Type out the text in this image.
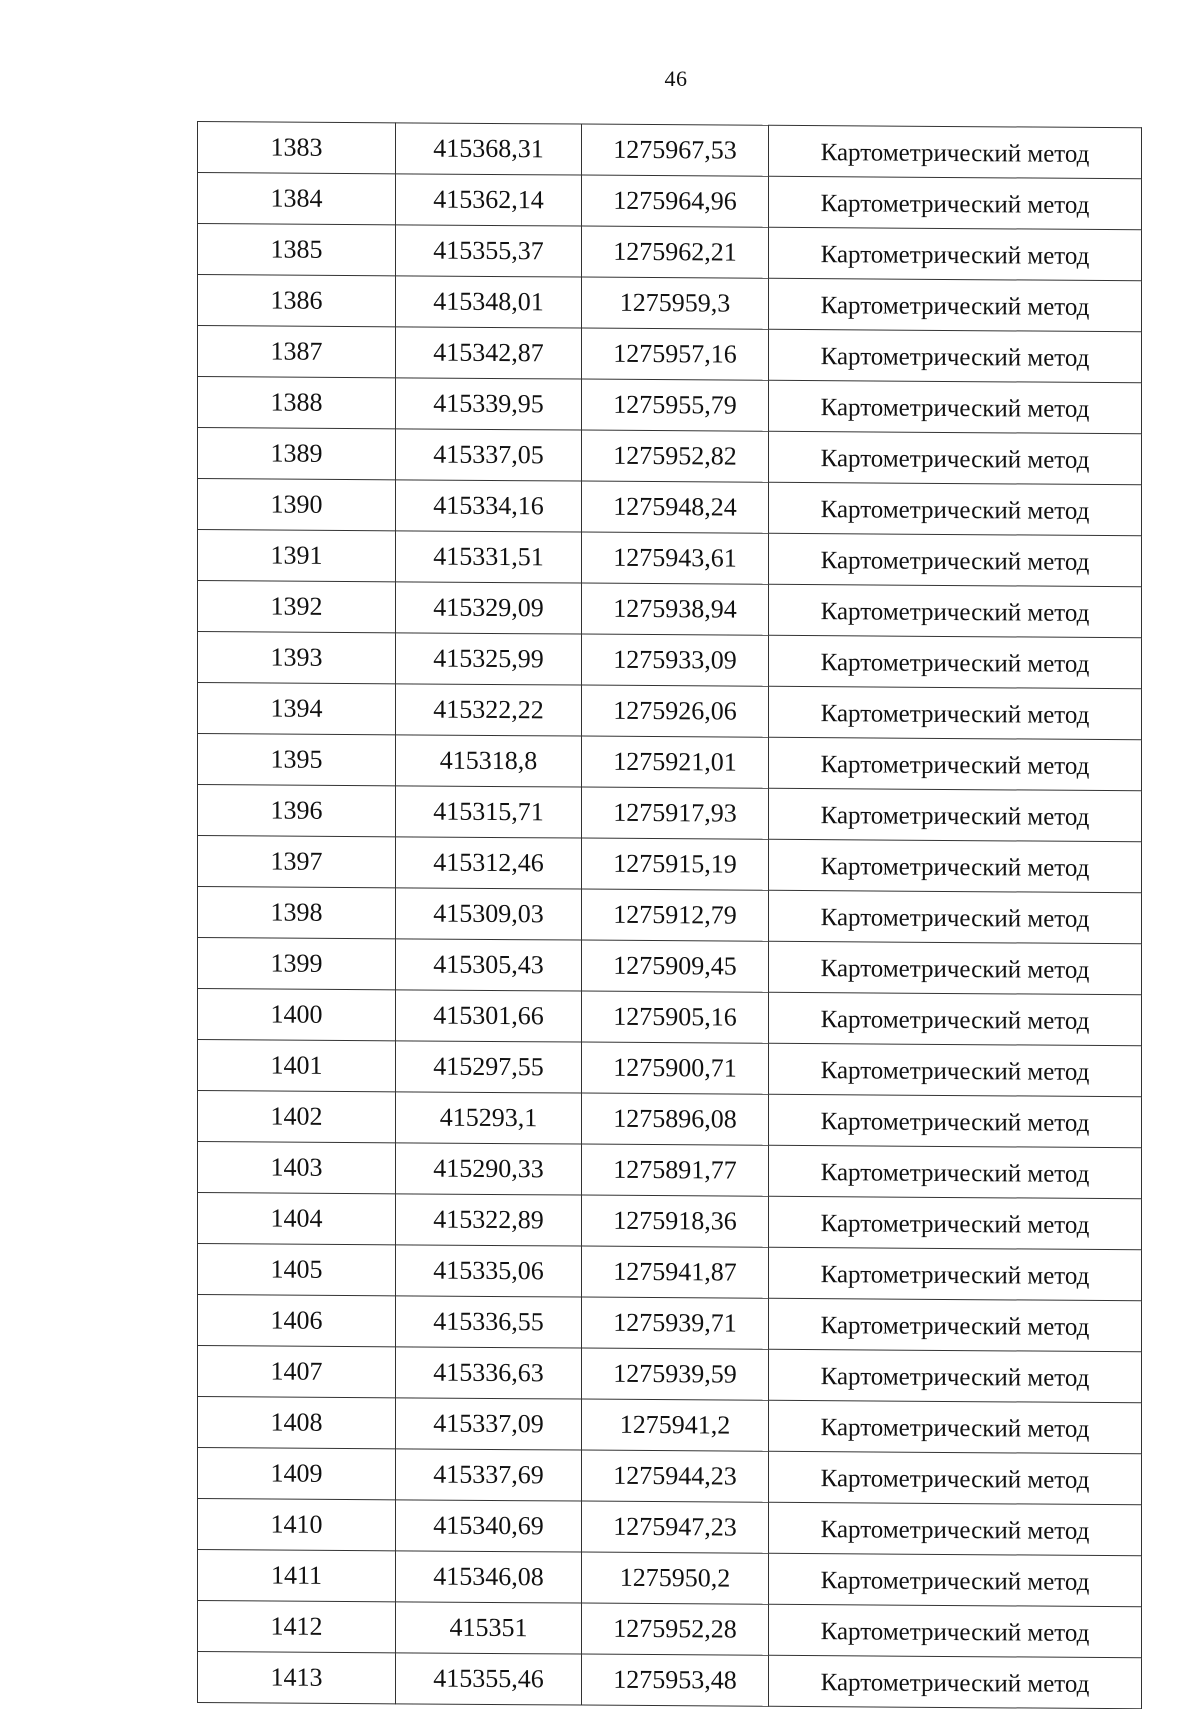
46
1383	415368,31	1275967,53	Картометрический метод
1384	415362,14	1275964,96	Картометрический метод
1385	415355,37	1275962,21	Картометрический метод
1386	415348,01	1275959,3	Картометрический метод
1387	415342,87	1275957,16	Картометрический метод
1388	415339,95	1275955,79	Картометрический метод
1389	415337,05	1275952,82	Картометрический метод
1390	415334,16	1275948,24	Картометрический метод
1391	415331,51	1275943,61	Картометрический метод
1392	415329,09	1275938,94	Картометрический метод
1393	415325,99	1275933,09	Картометрический метод
1394	415322,22	1275926,06	Картометрический метод
1395	415318,8	1275921,01	Картометрический метод
1396	415315,71	1275917,93	Картометрический метод
1397	415312,46	1275915,19	Картометрический метод
1398	415309,03	1275912,79	Картометрический метод
1399	415305,43	1275909,45	Картометрический метод
1400	415301,66	1275905,16	Картометрический метод
1401	415297,55	1275900,71	Картометрический метод
1402	415293,1	1275896,08	Картометрический метод
1403	415290,33	1275891,77	Картометрический метод
1404	415322,89	1275918,36	Картометрический метод
1405	415335,06	1275941,87	Картометрический метод
1406	415336,55	1275939,71	Картометрический метод
1407	415336,63	1275939,59	Картометрический метод
1408	415337,09	1275941,2	Картометрический метод
1409	415337,69	1275944,23	Картометрический метод
1410	415340,69	1275947,23	Картометрический метод
1411	415346,08	1275950,2	Картометрический метод
1412	415351	1275952,28	Картометрический метод
1413	415355,46	1275953,48	Картометрический метод
